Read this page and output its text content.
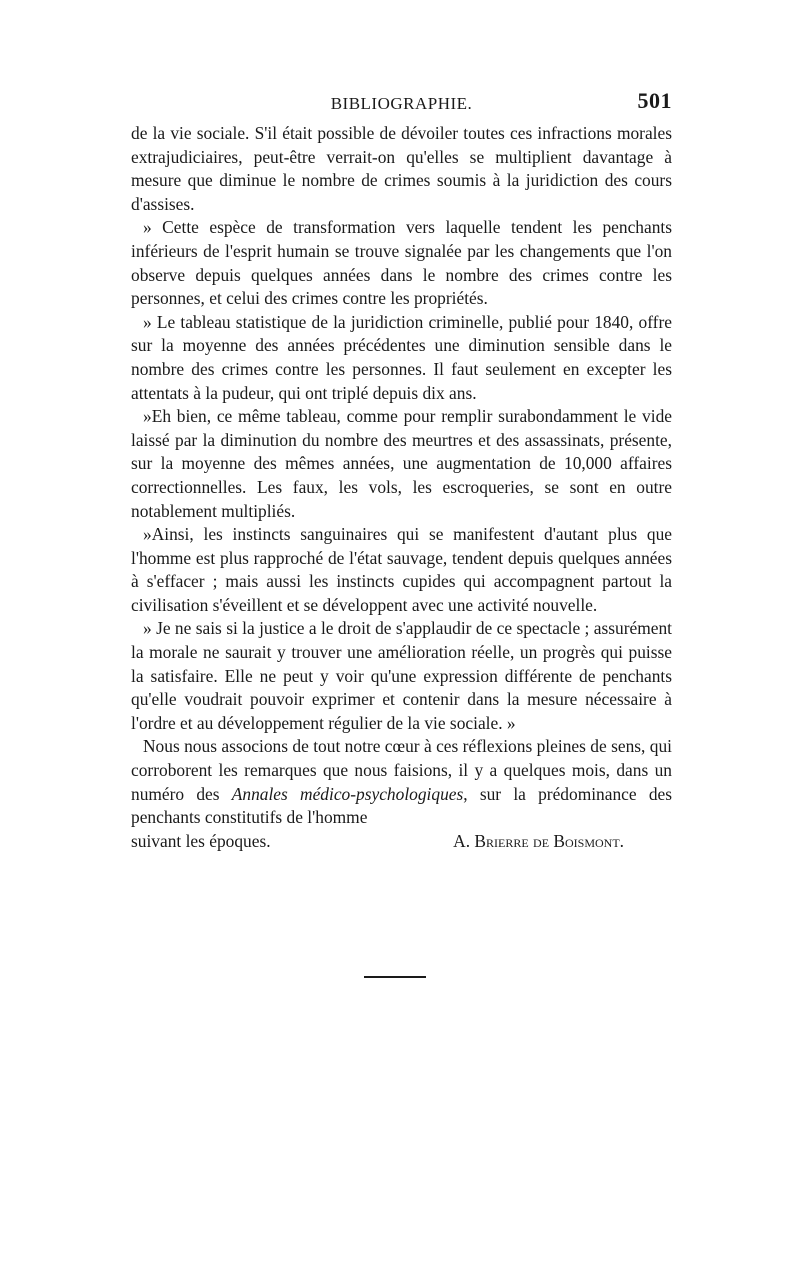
BIBLIOGRAPHIE.	501

de la vie sociale. S'il était possible de dévoiler toutes ces infractions morales extrajudiciaires, peut-être verrait-on qu'elles se multiplient davantage à mesure que diminue le nombre de crimes soumis à la juridiction des cours d'assises.

» Cette espèce de transformation vers laquelle tendent les penchants inférieurs de l'esprit humain se trouve signalée par les changements que l'on observe depuis quelques années dans le nombre des crimes contre les personnes, et celui des crimes contre les propriétés.

» Le tableau statistique de la juridiction criminelle, publié pour 1840, offre sur la moyenne des années précédentes une diminution sensible dans le nombre des crimes contre les personnes. Il faut seulement en excepter les attentats à la pudeur, qui ont triplé depuis dix ans.

»Eh bien, ce même tableau, comme pour remplir surabondamment le vide laissé par la diminution du nombre des meurtres et des assassinats, présente, sur la moyenne des mêmes années, une augmentation de 10,000 affaires correctionnelles. Les faux, les vols, les escroqueries, se sont en outre notablement multipliés.

»Ainsi, les instincts sanguinaires qui se manifestent d'autant plus que l'homme est plus rapproché de l'état sauvage, tendent depuis quelques années à s'effacer ; mais aussi les instincts cupides qui accompagnent partout la civilisation s'éveillent et se développent avec une activité nouvelle.

» Je ne sais si la justice a le droit de s'applaudir de ce spectacle ; assurément la morale ne saurait y trouver une amélioration réelle, un progrès qui puisse la satisfaire. Elle ne peut y voir qu'une expression différente de penchants qu'elle voudrait pouvoir exprimer et contenir dans la mesure nécessaire à l'ordre et au développement régulier de la vie sociale. »

Nous nous associons de tout notre cœur à ces réflexions pleines de sens, qui corroborent les remarques que nous faisions, il y a quelques mois, dans un numéro des Annales médico-psychologiques, sur la prédominance des penchants constitutifs de l'homme

suivant les époques.	A. Brierre de Boismont.
